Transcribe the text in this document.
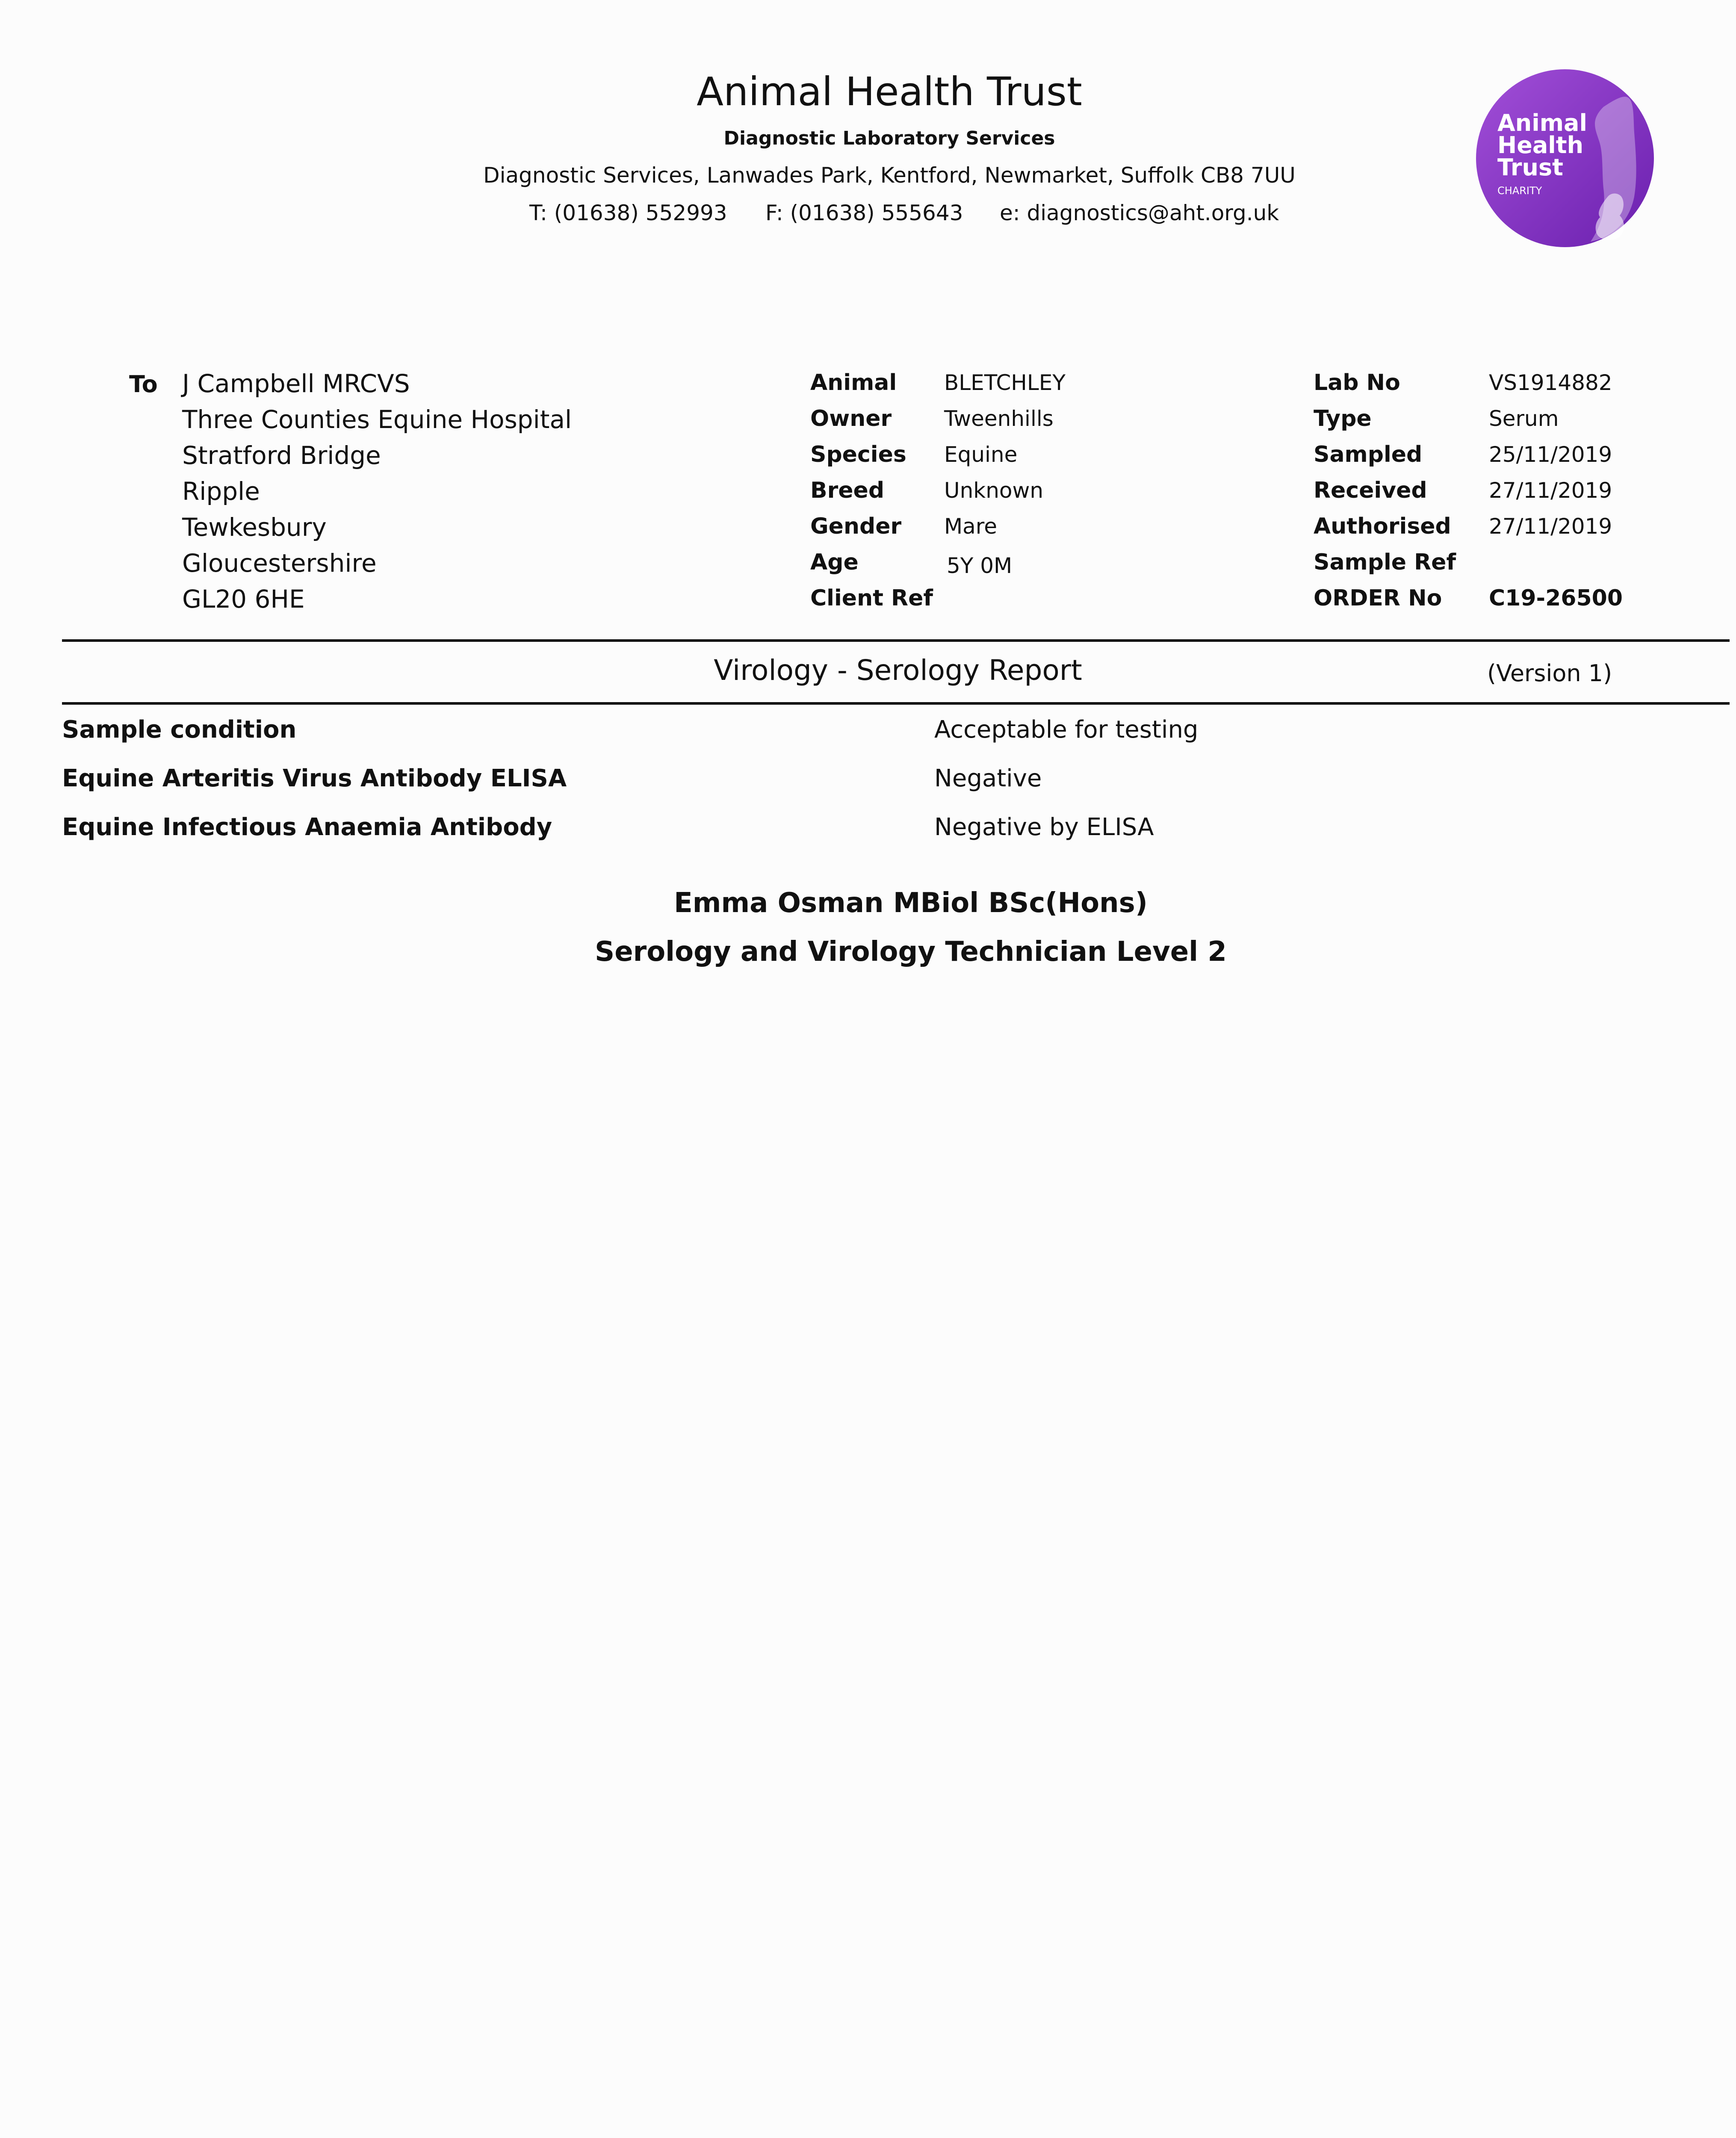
Animal Health Trust
Diagnostic Laboratory Services
Diagnostic Services, Lanwades Park, Kentford, Newmarket, Suffolk CB8 7UU
T: (01638) 552993 F: (01638) 555643 e: diagnostics@aht.org.uk
Animal
Health
Trust
CHARITY
To J Campbell MRCVS
Three Counties Equine Hospital
Stratford Bridge
Ripple
Tewkesbury
Gloucestershire
GL20 6HE
Animal BLETCHLEY
Owner Tweenhills
Species Equine
Breed	Unknown
Gender Mare
Age	5Y 0M
Client Ref
Lab No	VS1914882
Type	Serum
Sampled	25/11/2019
Received	27/11/2019
Authorised 27/11/2019
Sample Ref
ORDER No C19-26500
Virology - Serology Report	(Version 1)
Sample condition	Acceptable for testing
Equine Arteritis Virus Antibody ELISA	Negative
Equine Infectious Anaemia Antibody	Negative by ELISA
Emma Osman MBiol BSc(Hons)
Serology and Virology Technician Level 2
